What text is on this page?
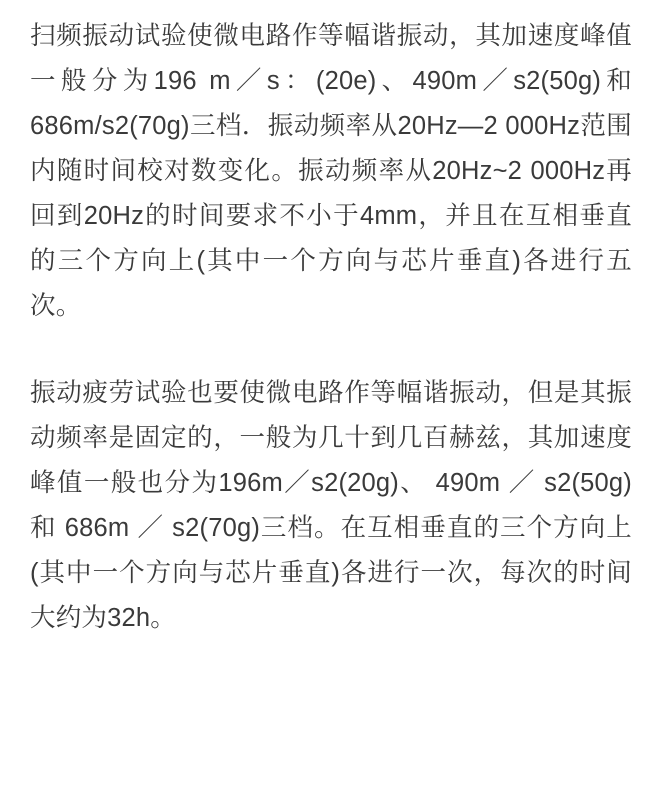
扫频振动试验使微电路作等幅谐振动，其加速度峰值一般分为196 m／s：(20e)、490m／s2(50g)和686m/s2(70g)三档．振动频率从20Hz—2 000Hz范围内随时间校对数变化。振动频率从20Hz~2 000Hz再回到20Hz的时间要求不小于4mm，并且在互相垂直的三个方向上(其中一个方向与芯片垂直)各进行五次。

振动疲劳试验也要使微电路作等幅谐振动，但是其振动频率是固定的，一般为几十到几百赫兹，其加速度峰值一般也分为196m／s2(20g)、 490m ／ s2(50g) 和 686m ／ s2(70g)三档。在互相垂直的三个方向上(其中一个方向与芯片垂直)各进行一次，每次的时间大约为32h。
